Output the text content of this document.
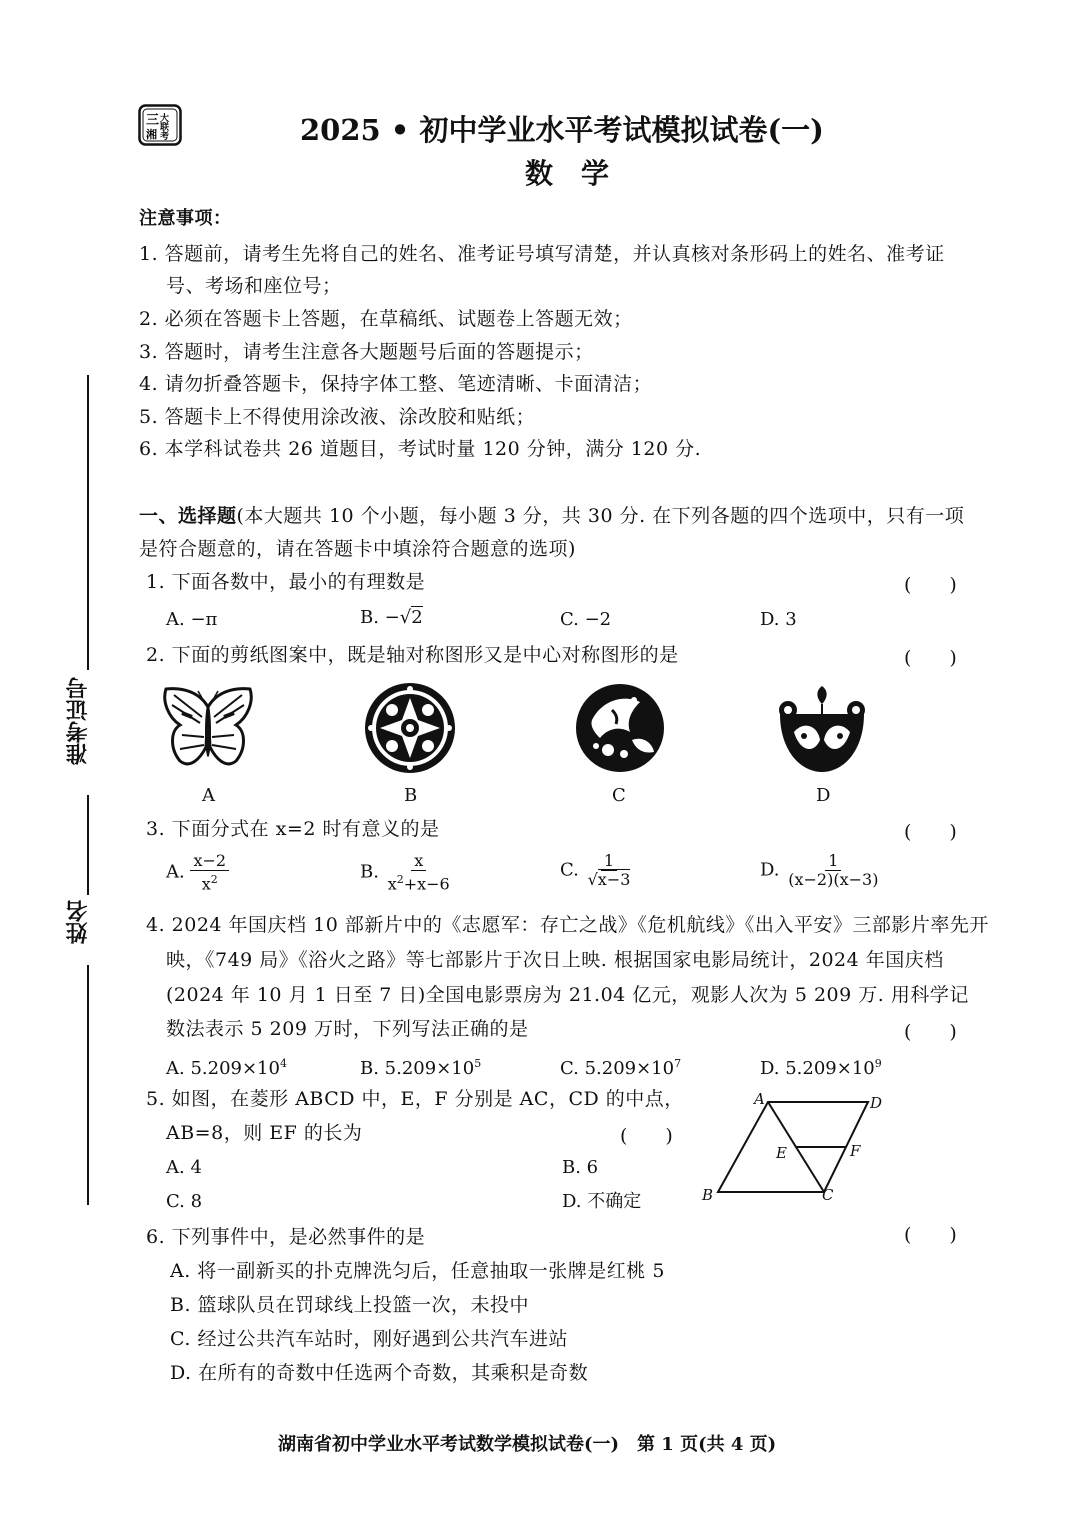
三
湘
大
联
考	2025 • 初中学业水平考试模拟试卷(一)
数　学
注意事项：
1. 答题前，请考生先将自己的姓名、准考证号填写清楚，并认真核对条形码上的姓名、准考证
号、考场和座位号；
2. 必须在答题卡上答题，在草稿纸、试题卷上答题无效；
3. 答题时，请考生注意各大题题号后面的答题提示；
4. 请勿折叠答题卡，保持字体工整、笔迹清晰、卡面清洁；
5. 答题卡上不得使用涂改液、涂改胶和贴纸；
6. 本学科试卷共 26 道题目，考试时量 120 分钟，满分 120 分.
准考证号
姓名
一、选择题(本大题共 10 个小题，每小题 3 分，共 30 分. 在下列各题的四个选项中，只有一项
是符合题意的，请在答题卡中填涂符合题意的选项)
1. 下面各数中，最小的有理数是	(　　)
A. −π	B. −√2	C. −2	D. 3
2. 下面的剪纸图案中，既是轴对称图形又是中心对称图形的是	(　　)
A	B	C	D
3. 下面分式在 x=2 时有意义的是	(　　)
A. $\frac{x-2}{x^2}$	B. $\frac{x}{x^2+x-6}$	C. $\frac{1}{√x-3}$	D. $\frac{1}{(x-2)(x-3)}$
4. 2024 年国庆档 10 部新片中的《志愿军：存亡之战》《危机航线》《出入平安》三部影片率先开
映，《749 局》《浴火之路》等七部影片于次日上映. 根据国家电影局统计，2024 年国庆档
(2024 年 10 月 1 日至 7 日)全国电影票房为 21.04 亿元，观影人次为 5 209 万. 用科学记
数法表示 5 209 万时，下列写法正确的是	(　　)
A. $5.209\times 10^4$	B. $5.209\times 10^5$	C. $5.209\times 10^7$	D. $5.209\times 10^9$
5. 如图，在菱形 ABCD 中，E，F 分别是 AC，CD 的中点，
AB=8，则 EF 的长为	(　　)
A. 4	B. 6
C. 8	D. 不确定
A	D
E	F
B	C
6. 下列事件中，是必然事件的是	(　　)
A. 将一副新买的扑克牌洗匀后，任意抽取一张牌是红桃 5
B. 篮球队员在罚球线上投篮一次，未投中
C. 经过公共汽车站时，刚好遇到公共汽车进站
D. 在所有的奇数中任选两个奇数，其乘积是奇数
湖南省初中学业水平考试数学模拟试卷(一)　第 1 页(共 4 页)
